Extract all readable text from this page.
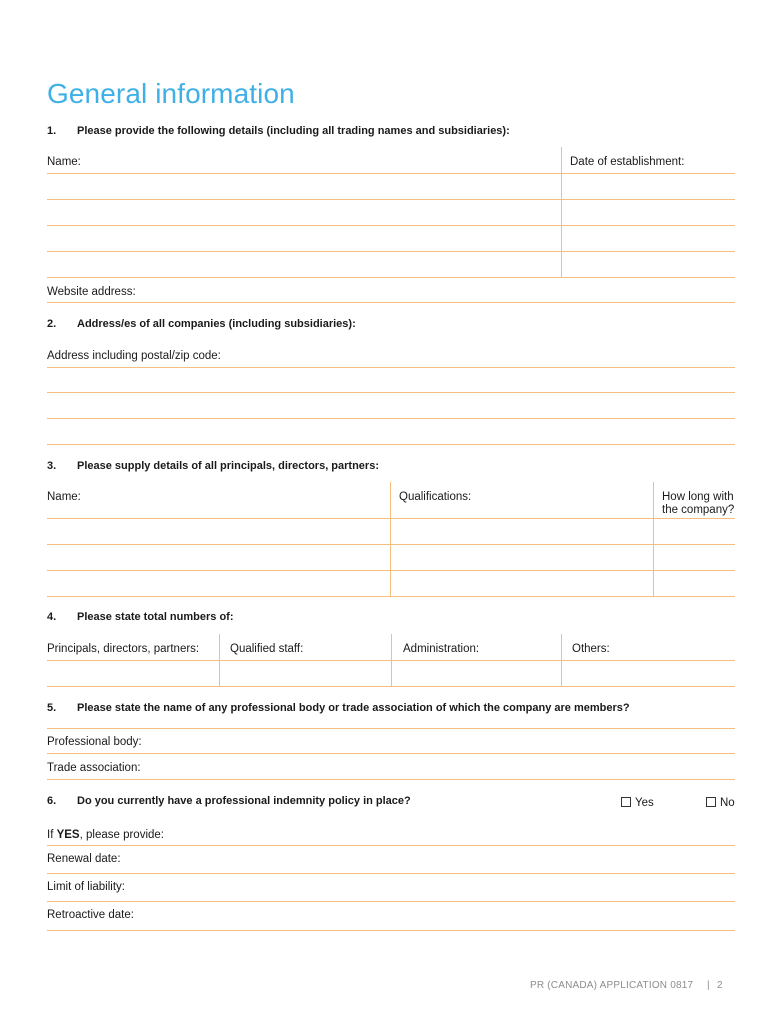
General information
1. Please provide the following details (including all trading names and subsidiaries):
Name:	Date of establishment:
Website address:
2. Address/es of all companies (including subsidiaries):
Address including postal/zip code:
3. Please supply details of all principals, directors, partners:
Name:	Qualifications:	How long with
the company?
4. Please state total numbers of:
Principals, directors, partners:	Qualified staff:	Administration:	Others:
5. Please state the name of any professional body or trade association of which the company are members?
Professional body:
Trade association:
6. Do you currently have a professional indemnity policy in place?	Yes	No
If YES, please provide:
Renewal date:
Limit of liability:
Retroactive date:
PR (CANADA) APPLICATION 0817 | 2
